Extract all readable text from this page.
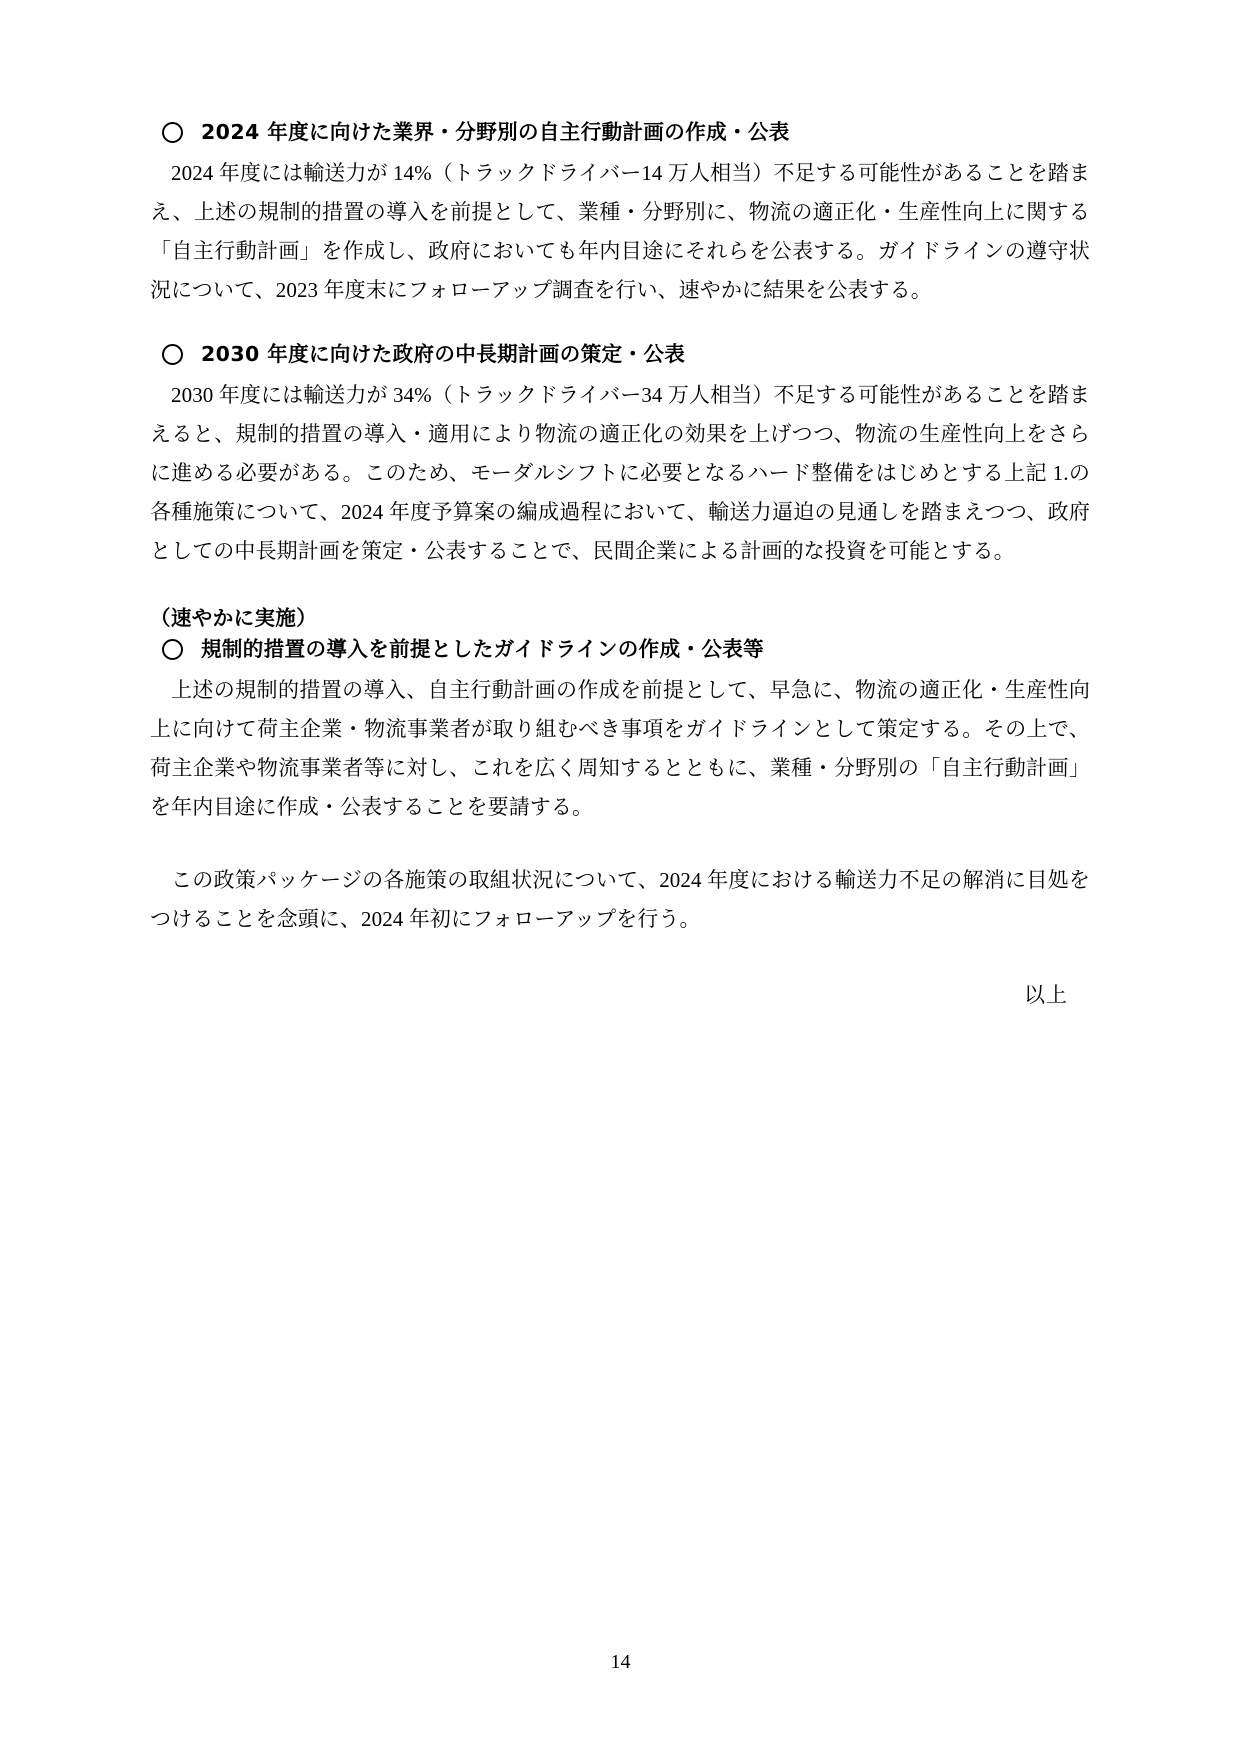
2024 年度に向けた業界・分野別の自主行動計画の作成・公表

2024 年度には輸送力が 14%（トラックドライバー14 万人相当）不足する可能性があることを踏まえ、上述の規制的措置の導入を前提として、業種・分野別に、物流の適正化・生産性向上に関する「自主行動計画」を作成し、政府においても年内目途にそれらを公表する。ガイドラインの遵守状況について、2023 年度末にフォローアップ調査を行い、速やかに結果を公表する。

2030 年度に向けた政府の中長期計画の策定・公表

2030 年度には輸送力が 34%（トラックドライバー34 万人相当）不足する可能性があることを踏まえると、規制的措置の導入・適用により物流の適正化の効果を上げつつ、物流の生産性向上をさらに進める必要がある。このため、モーダルシフトに必要となるハード整備をはじめとする上記 1.の各種施策について、2024 年度予算案の編成過程において、輸送力逼迫の見通しを踏まえつつ、政府としての中長期計画を策定・公表することで、民間企業による計画的な投資を可能とする。

（速やかに実施）
規制的措置の導入を前提としたガイドラインの作成・公表等

上述の規制的措置の導入、自主行動計画の作成を前提として、早急に、物流の適正化・生産性向上に向けて荷主企業・物流事業者が取り組むべき事項をガイドラインとして策定する。その上で、荷主企業や物流事業者等に対し、これを広く周知するとともに、業種・分野別の「自主行動計画」を年内目途に作成・公表することを要請する。

この政策パッケージの各施策の取組状況について、2024 年度における輸送力不足の解消に目処をつけることを念頭に、2024 年初にフォローアップを行う。

以上
14
